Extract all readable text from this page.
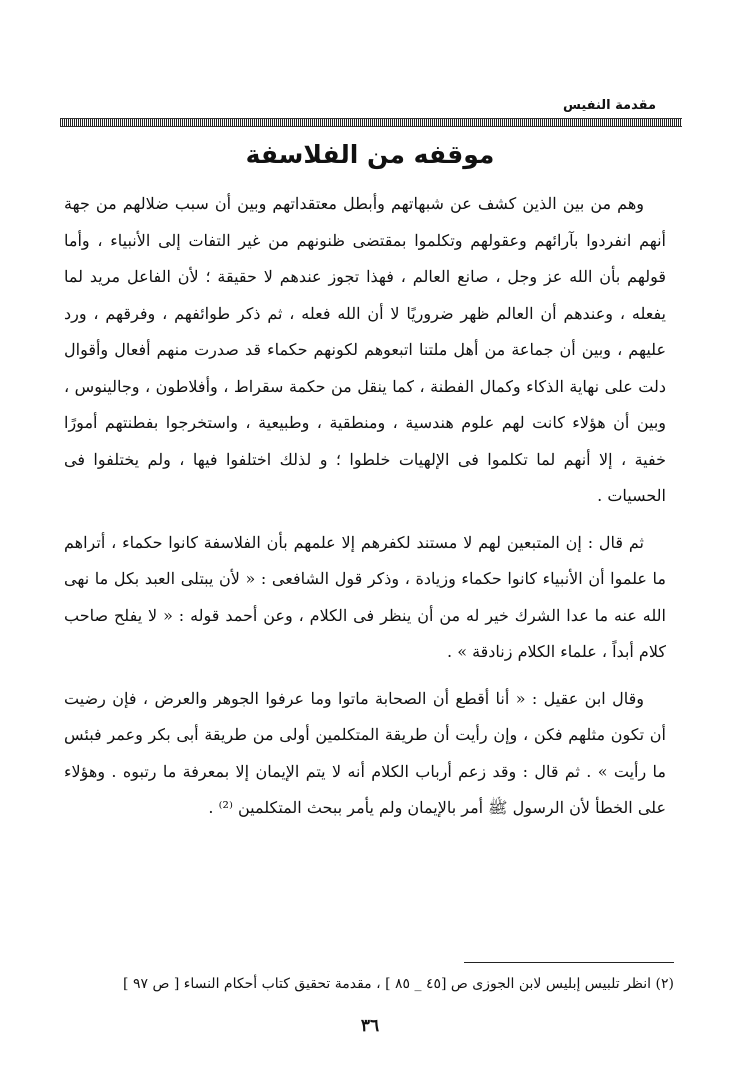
مقدمة النفيس
موقفه من الفلاسفة

وهم من بين الذين كشف عن شبهاتهم وأبطل معتقداتهم وبين أن سبب ضلالهم من جهة أنهم انفردوا بآرائهم وعقولهم وتكلموا بمقتضى ظنونهم من غير التفات إلى الأنبياء ، وأما قولهم بأن الله عز وجل ، صانع العالم ، فهذا تجوز عندهم لا حقيقة ؛ لأن الفاعل مريد لما يفعله ، وعندهم أن العالم ظهر ضروريًا لا أن الله فعله ، ثم ذكر طوائفهم ، وفرقهم ، ورد عليهم ، وبين أن جماعة من أهل ملتنا اتبعوهم لكونهم حكماء قد صدرت منهم أفعال وأقوال دلت على نهاية الذكاء وكمال الفطنة ، كما ينقل من حكمة سقراط ، وأفلاطون ، وجالينوس ، وبين أن هؤلاء كانت لهم علوم هندسية ، ومنطقية ، وطبيعية ، واستخرجوا بفطنتهم أمورًا خفية ، إلا أنهم لما تكلموا فى الإلهيات خلطوا ؛ و لذلك اختلفوا فيها ، ولم يختلفوا فى الحسيات .

ثم قال : إن المتبعين لهم لا مستند لكفرهم إلا علمهم بأن الفلاسفة كانوا حكماء ، أتراهم ما علموا أن الأنبياء كانوا حكماء وزيادة ، وذكر قول الشافعى : « لأن يبتلى العبد بكل ما نهى الله عنه ما عدا الشرك خير له من أن ينظر فى الكلام ، وعن أحمد قوله : « لا يفلح صاحب كلام أبداً ، علماء الكلام زنادقة » .

وقال ابن عقيل : « أنا أقطع أن الصحابة ماتوا وما عرفوا الجوهر والعرض ، فإن رضيت أن تكون مثلهم فكن ، وإن رأيت أن طريقة المتكلمين أولى من طريقة أبى بكر وعمر فبئس ما رأيت » . ثم قال : وقد زعم أرباب الكلام أنه لا يتم الإيمان إلا بمعرفة ما رتبوه . وهؤلاء على الخطأ لأن الرسول ﷺ أمر بالإيمان ولم يأمر ببحث المتكلمين ⁽²⁾ .

(٢) انظر تلبيس إبليس لابن الجوزى ص [٤٥ _ ٨٥ ] ، مقدمة تحقيق كتاب أحكام النساء [ ص ٩٧ ]
٣٦
